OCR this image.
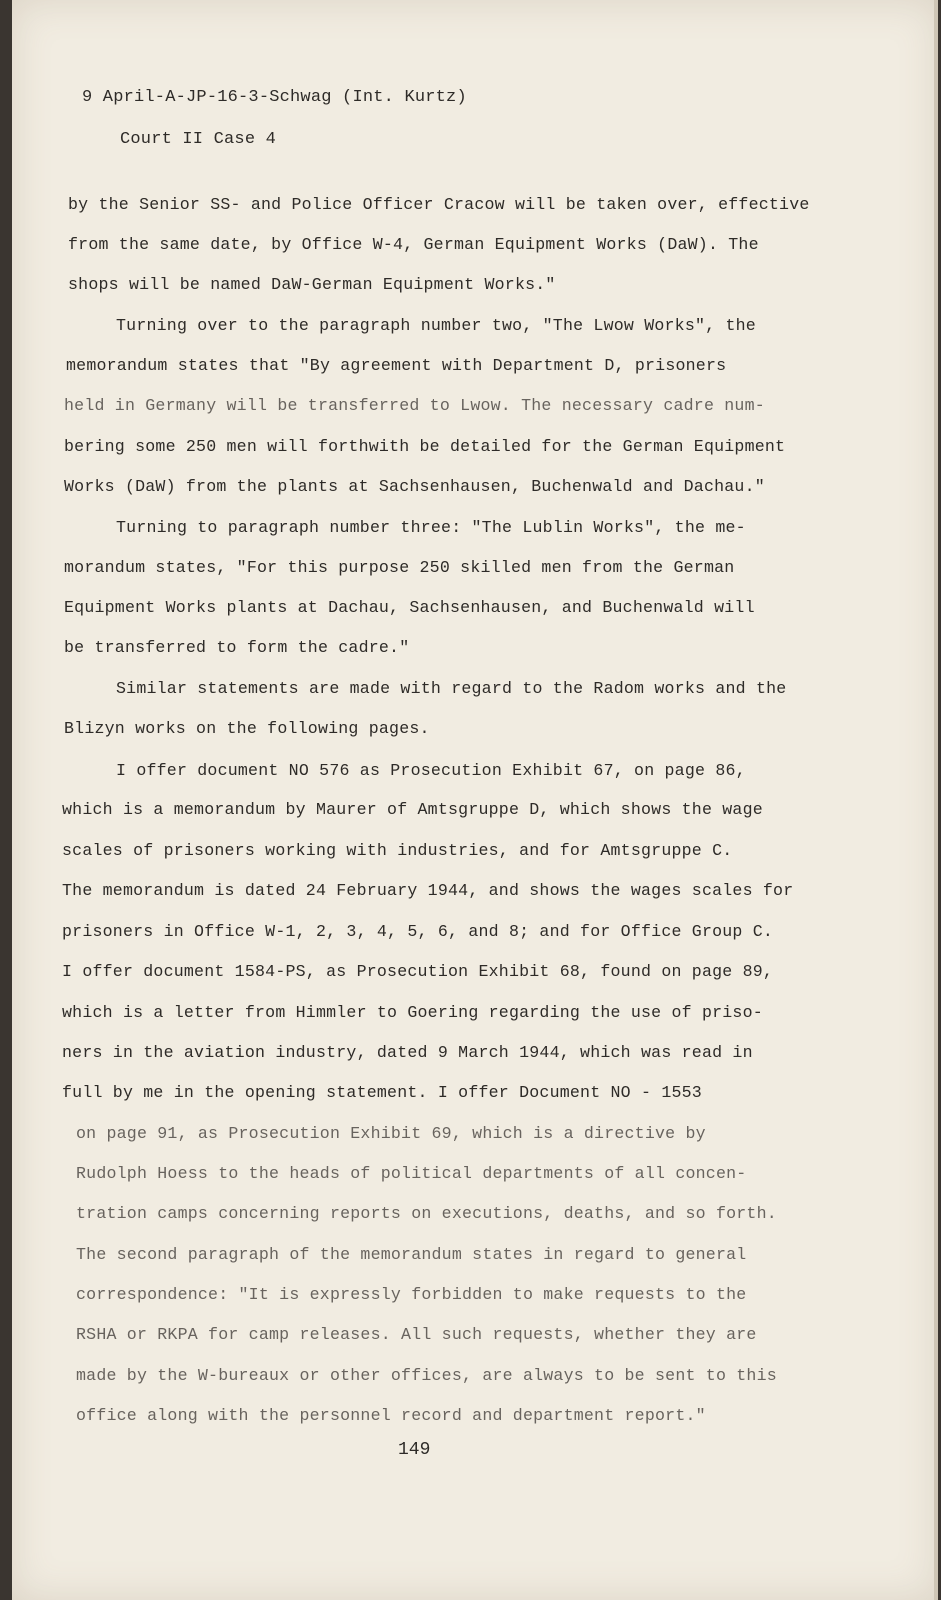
9 April-A-JP-16-3-Schwag (Int. Kurtz)
Court II Case 4
by the Senior SS- and Police Officer Cracow will be taken over, effective
from the same date, by Office W-4, German Equipment Works (DaW). The
shops will be named DaW-German Equipment Works."
Turning over to the paragraph number two, "The Lwow Works", the
memorandum states that "By agreement with Department D, prisoners
held in Germany will be transferred to Lwow. The necessary cadre num-
bering some 250 men will forthwith be detailed for the German Equipment
Works (DaW) from the plants at Sachsenhausen, Buchenwald and Dachau."
Turning to paragraph number three: "The Lublin Works", the me-
morandum states, "For this purpose 250 skilled men from the German
Equipment Works plants at Dachau, Sachsenhausen, and Buchenwald will
be transferred to form the cadre."
Similar statements are made with regard to the Radom works and the
Blizyn works on the following pages.
I offer document NO 576 as Prosecution Exhibit 67, on page 86,
which is a memorandum by Maurer of Amtsgruppe D, which shows the wage
scales of prisoners working with industries, and for Amtsgruppe C.
The memorandum is dated 24 February 1944, and shows the wages scales for
prisoners in Office W-1, 2, 3, 4, 5, 6, and 8; and for Office Group C.
I offer document 1584-PS, as Prosecution Exhibit 68, found on page 89,
which is a letter from Himmler to Goering regarding the use of priso-
ners in the aviation industry, dated 9 March 1944, which was read in
full by me in the opening statement. I offer Document NO - 1553
on page 91, as Prosecution Exhibit 69, which is a directive by
Rudolph Hoess to the heads of political departments of all concen-
tration camps concerning reports on executions, deaths, and so forth.
The second paragraph of the memorandum states in regard to general
correspondence: "It is expressly forbidden to make requests to the
RSHA or RKPA for camp releases. All such requests, whether they are
made by the W-bureaux or other offices, are always to be sent to this
office along with the personnel record and department report."
149
